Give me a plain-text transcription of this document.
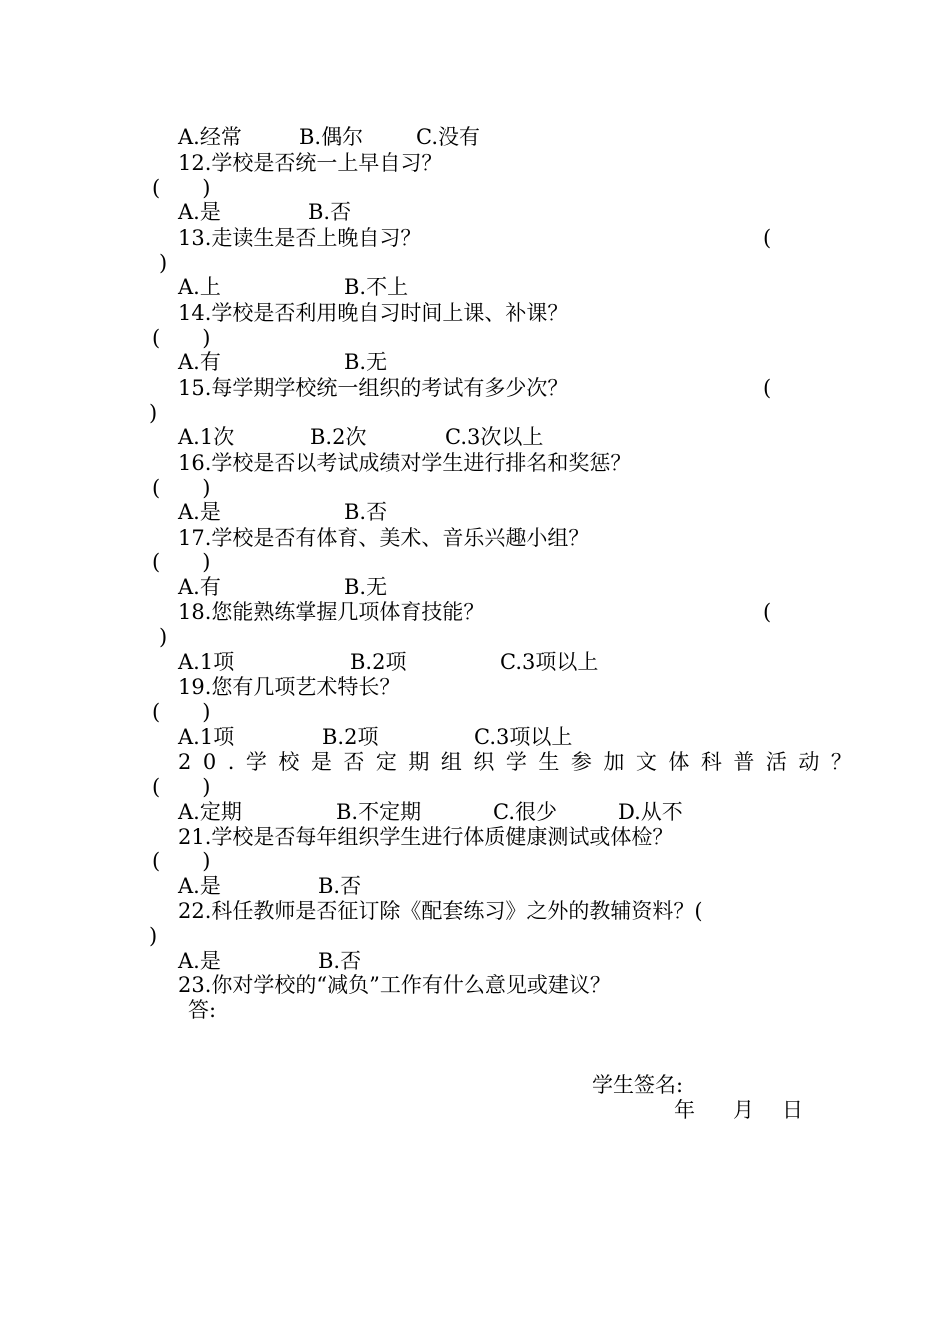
A.经常	B.偶尔	C.没有
12.学校是否统一上早自习？
(　　)
A.是	B.否
13.走读生是否上晚自习？	(
)
A.上	B.不上
14.学校是否利用晚自习时间上课、补课？
(　　)
A.有	B.无
15.每学期学校统一组织的考试有多少次？	(
)
A.1次	B.2次	C.3次以上
16.学校是否以考试成绩对学生进行排名和奖惩？
(　　)
A.是	B.否
17.学校是否有体育、美术、音乐兴趣小组？
(　　)
A.有	B.无
18.您能熟练掌握几项体育技能？	(
)
A.1项	B.2项	C.3项以上
19.您有几项艺术特长？
(　　)
A.1项	B.2项	C.3项以上
20.学校是否定期组织学生参加文体科普活动？
(　　)
A.定期	B.不定期	C.很少	D.从不
21.学校是否每年组织学生进行体质健康测试或体检？
(　　)
A.是	B.否
22.科任教师是否征订除《配套练习》之外的教辅资料？(
)
A.是	B.否
23.你对学校的“减负”工作有什么意见或建议？
答:
学生签名:
年 月 日
